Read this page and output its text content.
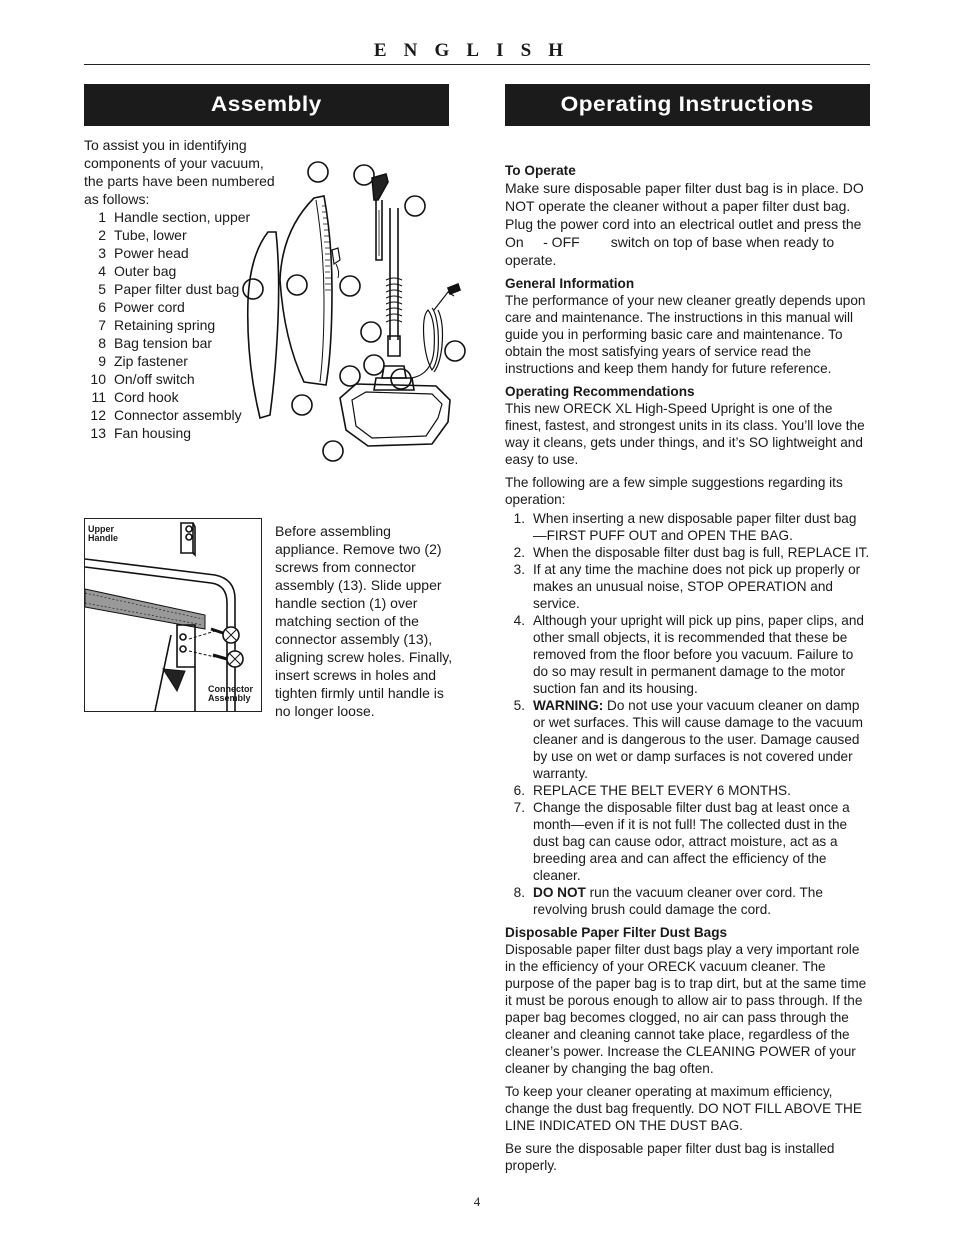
ENGLISH
Assembly	Operating Instructions
To assist you in identifying components of your vacuum, the parts have been numbered as follows:
1 Handle section, upper
2 Tube, lower
3 Power head
4 Outer bag
5 Paper filter dust bag
6 Power cord
7 Retaining spring
8 Bag tension bar
9 Zip fastener
10 On/off switch
11 Cord hook
12 Connector assembly
13 Fan housing
Upper
Handle
Connector
Assembly
Before assembling appliance. Remove two (2) screws from connector assembly (13). Slide upper handle section (1) over matching section of the connector assembly (13), aligning screw holes. Finally, insert screws in holes and tighten firmly until handle is no longer loose.
To Operate

Make sure disposable paper filter dust bag is in place. DO NOT operate the cleaner without a paper filter dust bag. Plug the power cord into an electrical outlet and press the On     - OFF        switch on top of base when ready to operate.

General Information

The performance of your new cleaner greatly depends upon care and maintenance. The instructions in this manual will guide you in performing basic care and maintenance. To obtain the most satisfying years of service read the instructions and keep them handy for future reference.

Operating Recommendations

This new ORECK XL High-Speed Upright is one of the finest, fastest, and strongest units in its class. You’ll love the way it cleans, gets under things, and it’s SO lightweight and easy to use.

The following are a few simple suggestions regarding its operation:

1. When inserting a new disposable paper filter dust bag—FIRST PUFF OUT and OPEN THE BAG.
2. When the disposable filter dust bag is full, REPLACE IT.
3. If at any time the machine does not pick up properly or makes an unusual noise, STOP OPERATION and service.
4. Although your upright will pick up pins, paper clips, and other small objects, it is recommended that these be removed from the floor before you vacuum. Failure to do so may result in permanent damage to the motor suction fan and its housing.
5. WARNING: Do not use your vacuum cleaner on damp or wet surfaces. This will cause damage to the vacuum cleaner and is dangerous to the user. Damage caused by use on wet or damp surfaces is not covered under warranty.
6. REPLACE THE BELT EVERY 6 MONTHS.
7. Change the disposable filter dust bag at least once a month—even if it is not full! The collected dust in the dust bag can cause odor, attract moisture, act as a breeding area and can affect the efficiency of the cleaner.
8. DO NOT run the vacuum cleaner over cord. The revolving brush could damage the cord.
Disposable Paper Filter Dust Bags

Disposable paper filter dust bags play a very important role in the efficiency of your ORECK vacuum cleaner. The purpose of the paper bag is to trap dirt, but at the same time it must be porous enough to allow air to pass through. If the paper bag becomes clogged, no air can pass through the cleaner and cleaning cannot take place, regardless of the cleaner’s power. Increase the CLEANING POWER of your cleaner by changing the bag often.

To keep your cleaner operating at maximum efficiency, change the dust bag frequently. DO NOT FILL ABOVE THE LINE INDICATED ON THE DUST BAG.

Be sure the disposable paper filter dust bag is installed properly.

4
